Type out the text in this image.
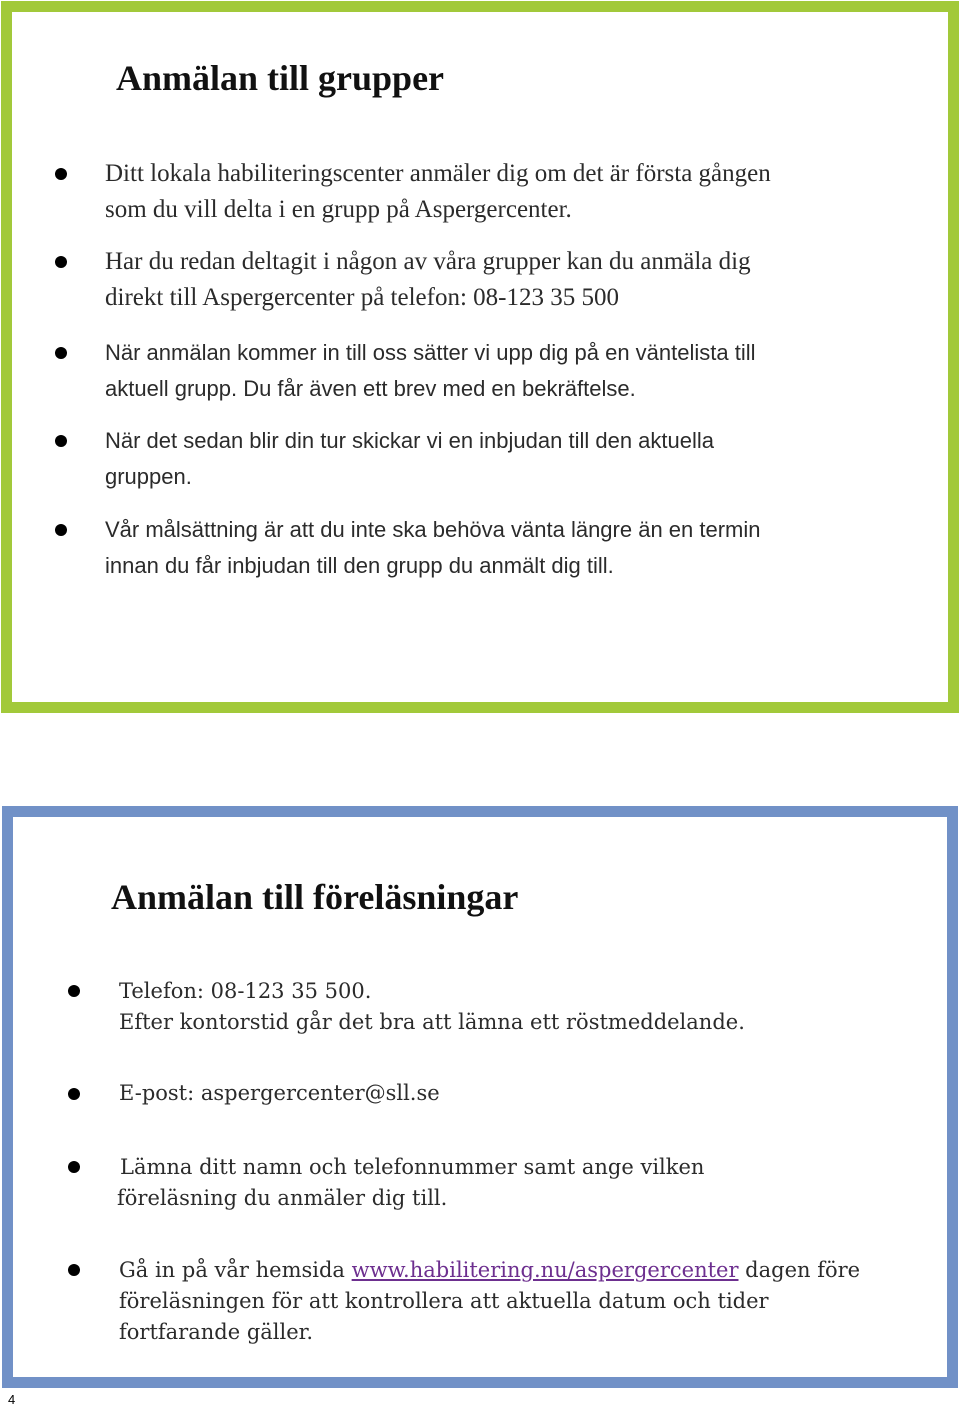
Anmälan till grupper
Ditt lokala habiliteringscenter anmäler dig om det är första gången
som du vill delta i en grupp på Aspergercenter.
Har du redan deltagit i någon av våra grupper kan du anmäla dig
direkt till Aspergercenter på telefon: 08-123 35 500
När anmälan kommer in till oss sätter vi upp dig på en väntelista till
aktuell grupp. Du får även ett brev med en bekräftelse.
När det sedan blir din tur skickar vi en inbjudan till den aktuella
gruppen.
Vår målsättning är att du inte ska behöva vänta längre än en termin
innan du får inbjudan till den grupp du anmält dig till.
Anmälan till föreläsningar
Telefon: 08-123 35 500.
Efter kontorstid går det bra att lämna ett röstmeddelande.
E-post: aspergercenter@sll.se
Lämna ditt namn och telefonnummer samt ange vilken
föreläsning du anmäler dig till.
Gå in på vår hemsida www.habilitering.nu/aspergercenter dagen före
föreläsningen för att kontrollera att aktuella datum och tider
fortfarande gäller.
4
